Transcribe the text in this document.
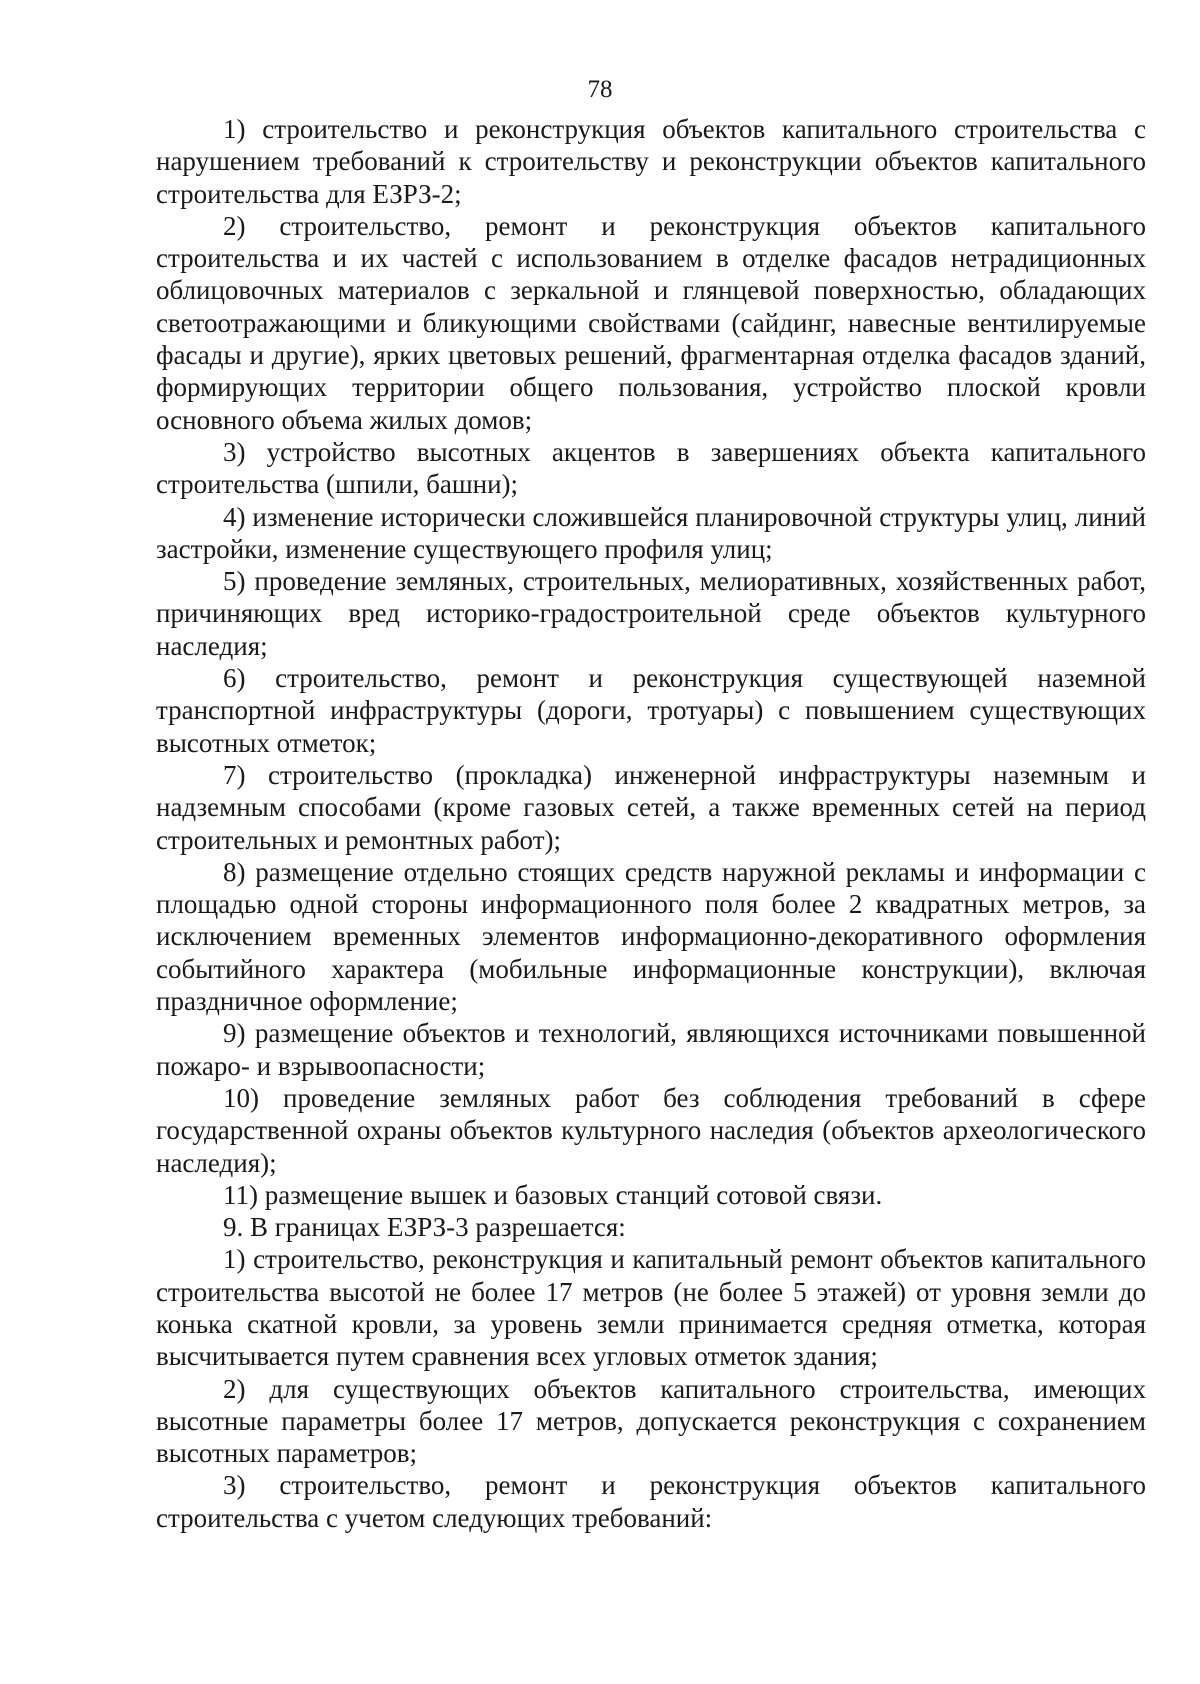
78

1) строительство и реконструкция объектов капитального строительства с нарушением требований к строительству и реконструкции объектов капитального строительства для ЕЗРЗ-2;

2) строительство, ремонт и реконструкция объектов капитального строительства и их частей с использованием в отделке фасадов нетрадиционных облицовочных материалов с зеркальной и глянцевой поверхностью, обладающих светоотражающими и бликующими свойствами (сайдинг, навесные вентилируемые фасады и другие), ярких цветовых решений, фрагментарная отделка фасадов зданий, формирующих территории общего пользования, устройство плоской кровли основного объема жилых домов;

3) устройство высотных акцентов в завершениях объекта капитального строительства (шпили, башни);

4) изменение исторически сложившейся планировочной структуры улиц, линий застройки, изменение существующего профиля улиц;

5) проведение земляных, строительных, мелиоративных, хозяйственных работ, причиняющих вред историко-градостроительной среде объектов культурного наследия;

6) строительство, ремонт и реконструкция существующей наземной транспортной инфраструктуры (дороги, тротуары) с повышением существующих высотных отметок;

7) строительство (прокладка) инженерной инфраструктуры наземным и надземным способами (кроме газовых сетей, а также временных сетей на период строительных и ремонтных работ);

8) размещение отдельно стоящих средств наружной рекламы и информации с площадью одной стороны информационного поля более 2 квадратных метров, за исключением временных элементов информационно-декоративного оформления событийного характера (мобильные информационные конструкции), включая праздничное оформление;

9) размещение объектов и технологий, являющихся источниками повышенной пожаро- и взрывоопасности;

10) проведение земляных работ без соблюдения требований в сфере государственной охраны объектов культурного наследия (объектов археологического наследия);

11) размещение вышек и базовых станций сотовой связи.

9. В границах ЕЗРЗ-3 разрешается:

1) строительство, реконструкция и капитальный ремонт объектов капитального строительства высотой не более 17 метров (не более 5 этажей) от уровня земли до конька скатной кровли, за уровень земли принимается средняя отметка, которая высчитывается путем сравнения всех угловых отметок здания;

2) для существующих объектов капитального строительства, имеющих высотные параметры более 17 метров, допускается реконструкция с сохранением высотных параметров;

3) строительство, ремонт и реконструкция объектов капитального строительства с учетом следующих требований:
